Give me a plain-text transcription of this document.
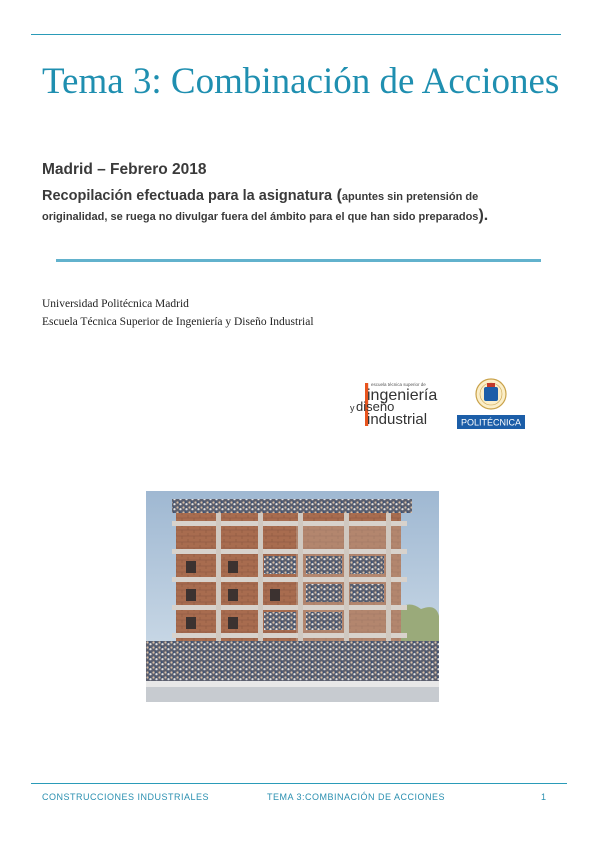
Tema 3: Combinación de Acciones
Madrid – Febrero 2018
Recopilación efectuada para la asignatura (apuntes sin pretensión de originalidad, se ruega no divulgar fuera del ámbito para el que han sido preparados).
Universidad Politécnica Madrid
Escuela Técnica Superior de Ingeniería y Diseño Industrial
escuela técnica superior de
ingeniería
y diseño
industrial	POLITÉCNICA
CONSTRUCCIONES INDUSTRIALES	TEMA 3:COMBINACIÓN DE ACCIONES	1
